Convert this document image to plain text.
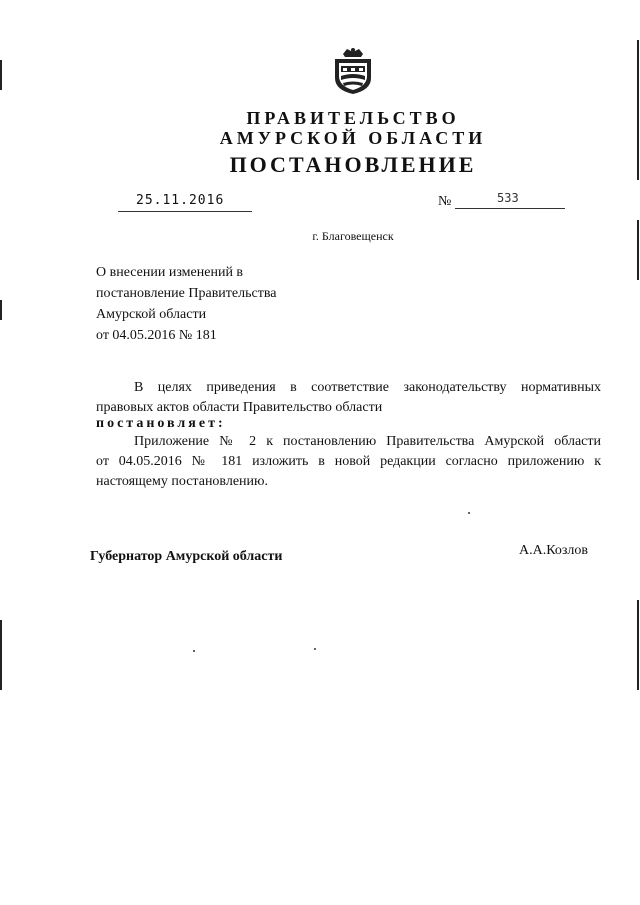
ПРАВИТЕЛЬСТВО
АМУРСКОЙ ОБЛАСТИ
ПОСТАНОВЛЕНИЕ
25.11.2016	№	533
г. Благовещенск
О внесении изменений в
постановление Правительства
Амурской области
от 04.05.2016 № 181
В целях приведения в соответствие законодательству нормативных
правовых актов области Правительство области
постановляет:
Приложение № 2 к постановлению Правительства Амурской области
от 04.05.2016 № 181 изложить в новой редакции согласно приложению к
настоящему постановлению.
Губернатор Амурской области	А.А.Козлов
